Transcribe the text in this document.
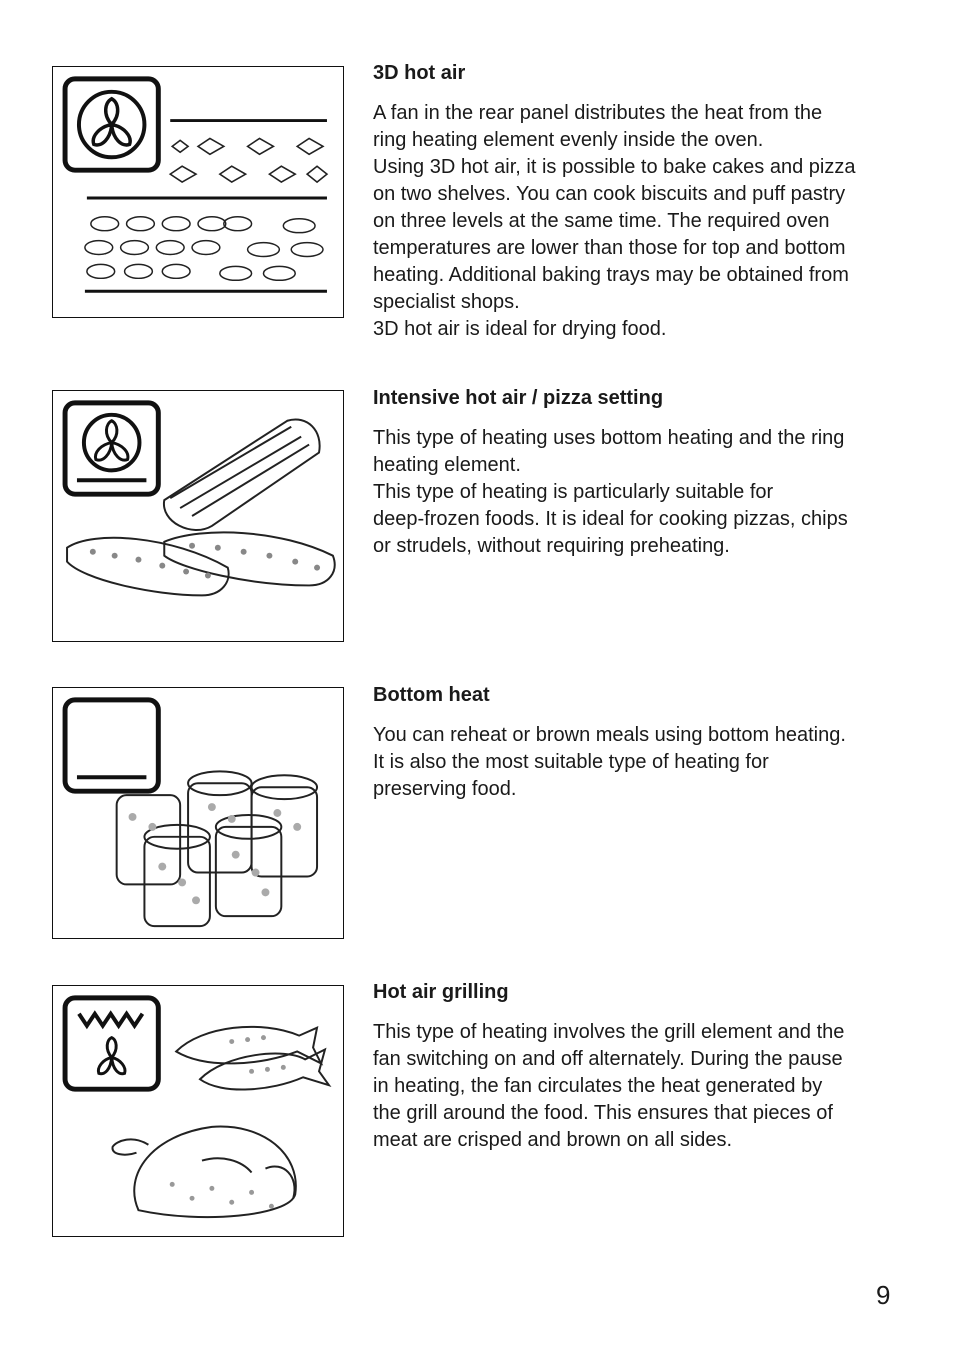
3D hot air

A fan in the rear panel distributes the heat from the
ring heating element evenly inside the oven.
Using 3D hot air, it is possible to bake cakes and pizza
on two shelves. You can cook biscuits and puff pastry
on three levels at the same time. The required oven
temperatures are lower than those for top and bottom
heating. Additional baking trays may be obtained from
specialist shops.
3D hot air is ideal for drying food.

Intensive hot air / pizza setting

This type of heating uses bottom heating and the ring
heating element.
This type of heating is particularly suitable for
deep-frozen foods. It is ideal for cooking pizzas, chips
or strudels, without requiring preheating.

Bottom heat

You can reheat or brown meals using bottom heating.
It is also the most suitable type of heating for
preserving food.

Hot air grilling

This type of heating involves the grill element and the
fan switching on and off alternately. During the pause
in heating, the fan circulates the heat generated by
the grill around the food. This ensures that pieces of
meat are crisped and brown on all sides.

9
